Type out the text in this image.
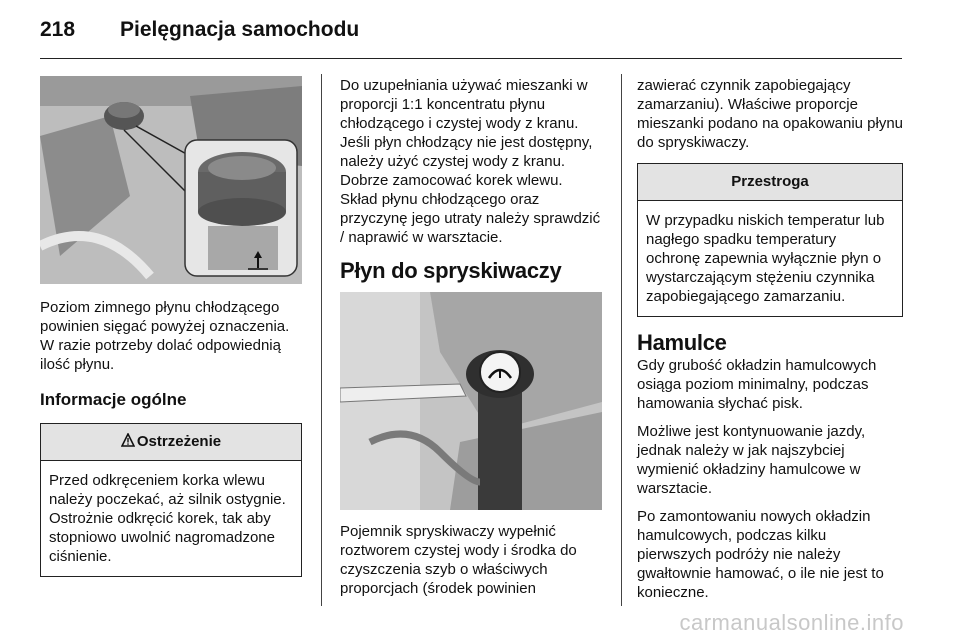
218 Pielęgnacja samochodu

Poziom zimnego płynu chłodzącego powinien sięgać powyżej oznaczenia. W razie potrzeby dolać odpowiednią ilość płynu.

Informacje ogólne
Ostrzeżenie
Przed odkręceniem korka wlewu należy poczekać, aż silnik ostygnie. Ostrożnie odkręcić korek, tak aby stopniowo uwolnić nagromadzone ciśnienie.

Do uzupełniania używać mieszanki w proporcji 1:1 koncentratu płynu chłodzącego i czystej wody z kranu. Jeśli płyn chłodzący nie jest dostępny, należy użyć czystej wody z kranu. Dobrze zamocować korek wlewu. Skład płynu chłodzącego oraz przyczynę jego utraty należy sprawdzić / naprawić w warsztacie.

Płyn do spryskiwaczy

Pojemnik spryskiwaczy wypełnić roztworem czystej wody i środka do czyszczenia szyb o właściwych proporcjach (środek powinien

zawierać czynnik zapobiegający zamarzaniu). Właściwe proporcje mieszanki podano na opakowaniu płynu do spryskiwaczy.

Przestroga
W przypadku niskich temperatur lub nagłego spadku temperatury ochronę zapewnia wyłącznie płyn o wystarczającym stężeniu czynnika zapobiegającego zamarzaniu.
Hamulce

Gdy grubość okładzin hamulcowych osiąga poziom minimalny, podczas hamowania słychać pisk.

Możliwe jest kontynuowanie jazdy, jednak należy w jak najszybciej wymienić okładziny hamulcowe w warsztacie.

Po zamontowaniu nowych okładzin hamulcowych, podczas kilku pierwszych podróży nie należy gwałtownie hamować, o ile nie jest to konieczne.

carmanualsonline.info
